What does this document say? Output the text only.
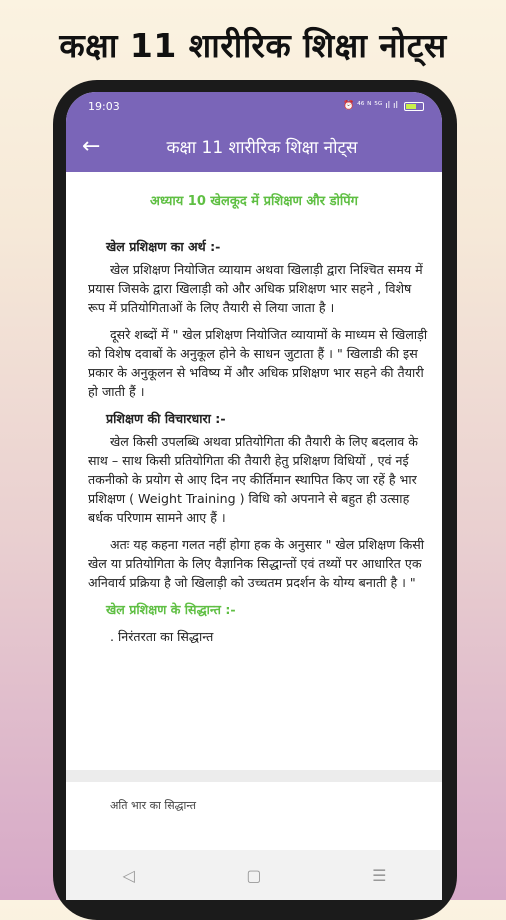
कक्षा 11 शारीरिक शिक्षा नोट्स
19:03	⏰ ⁴⁶ ᴺ ⁵ᴳ ıl ıl
←	कक्षा 11 शारीरिक शिक्षा नोट्स
अध्याय 10 खेलकूद में प्रशिक्षण और डोपिंग
खेल प्रशिक्षण का अर्थ :-

खेल प्रशिक्षण नियोजित व्यायाम अथवा खिलाड़ी द्वारा निश्चित समय में प्रयास जिसके द्वारा खिलाड़ी को और अधिक प्रशिक्षण भार सहने , विशेष रूप में प्रतियोगिताओं के लिए तैयारी से लिया जाता है ।

दूसरे शब्दों में " खेल प्रशिक्षण नियोजित व्यायामों के माध्यम से खिलाड़ी को विशेष दवाबों के अनुकूल होने के साधन जुटाता हैं । " खिलाडी की इस प्रकार के अनुकूलन से भविष्य में और अधिक प्रशिक्षण भार सहने की तैयारी हो जाती हैं ।

प्रशिक्षण की विचारधारा :-

खेल किसी उपलब्धि अथवा प्रतियोगिता की तैयारी के लिए बदलाव के साथ – साथ किसी प्रतियोगिता की तैयारी हेतु प्रशिक्षण विधियों , एवं नई तकनीको के प्रयोग से आए दिन नए कीर्तिमान स्थापित किए जा रहें है भार प्रशिक्षण ( Weight Training ) विधि को अपनाने से बहुत ही उत्साह बर्धक परिणाम सामने आए हैं ।

अतः यह कहना गलत नहीं होगा हक के अनुसार " खेल प्रशिक्षण किसी खेल या प्रतियोगिता के लिए वैज्ञानिक सिद्धान्तों एवं तथ्यों पर आधारित एक अनिवार्य प्रक्रिया है जो खिलाड़ी को उच्चतम प्रदर्शन के योग्य बनाती है । "

खेल प्रशिक्षण के सिद्धान्त :-
. निरंतरता का सिद्धान्त
अति भार का सिद्धान्त
◁	▢	☰
